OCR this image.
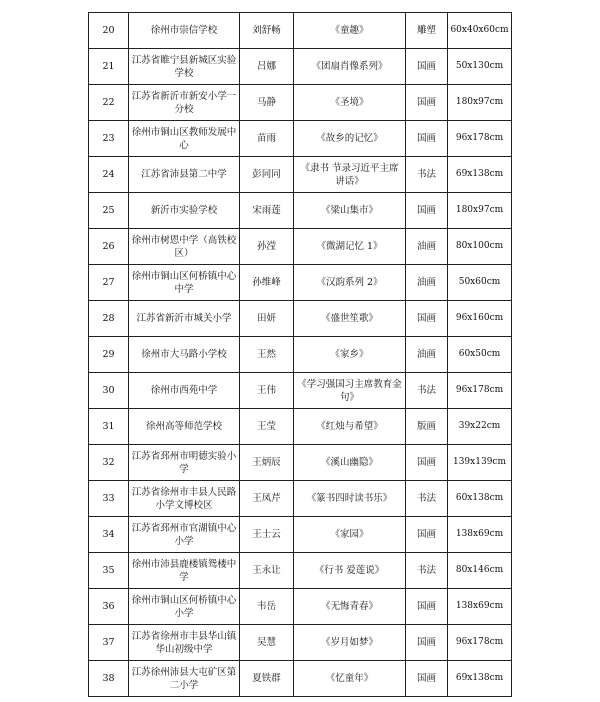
20	徐州市崇信学校	刘舒畅	《童趣》	雕塑	60x40x60cm
21	江苏省睢宁县新城区实验学校	吕娜	《团扇肖像系列》	国画	50x130cm
22	江苏省新沂市新安小学一分校	马静	《圣境》	国画	180x97cm
23	徐州市铜山区教师发展中心	苗雨	《故乡的记忆》	国画	96x178cm
24	江苏省沛县第二中学	彭同同	《隶书 节录习近平主席讲话》	书法	69x138cm
25	新沂市实验学校	宋雨莲	《梁山集市》	国画	180x97cm
26	徐州市树恩中学（高铁校区）	孙滢	《微湖记忆 1》	油画	80x100cm
27	徐州市铜山区何桥镇中心中学	孙维峰	《汉韵系列 2》	油画	50x60cm
28	江苏省新沂市城关小学	田妍	《盛世笙歌》	国画	96x160cm
29	徐州市大马路小学校	王然	《家乡》	油画	60x50cm
30	徐州市西苑中学	王伟	《学习强国习主席教育金句》	书法	96x178cm
31	徐州高等师范学校	王莹	《红烛与希望》	版画	39x22cm
32	江苏省邳州市明德实验小学	王炳辰	《溪山幽隐》	国画	139x139cm
33	江苏省徐州市丰县人民路小学文博校区	王凤芹	《篆书四时读书乐》	书法	60x138cm
34	江苏省邳州市官湖镇中心小学	王士云	《家园》	国画	138x69cm
35	徐州市沛县鹿楼镇鸳楼中学	王永让	《行书 爱莲说》	书法	80x146cm
36	徐州市铜山区何桥镇中心小学	韦岳	《无悔青春》	国画	138x69cm
37	江苏省徐州市丰县华山镇华山初级中学	吴慧	《岁月如梦》	国画	96x178cm
38	江苏徐州沛县大屯矿区第二小学	夏铁群	《忆童年》	国画	69x138cm
